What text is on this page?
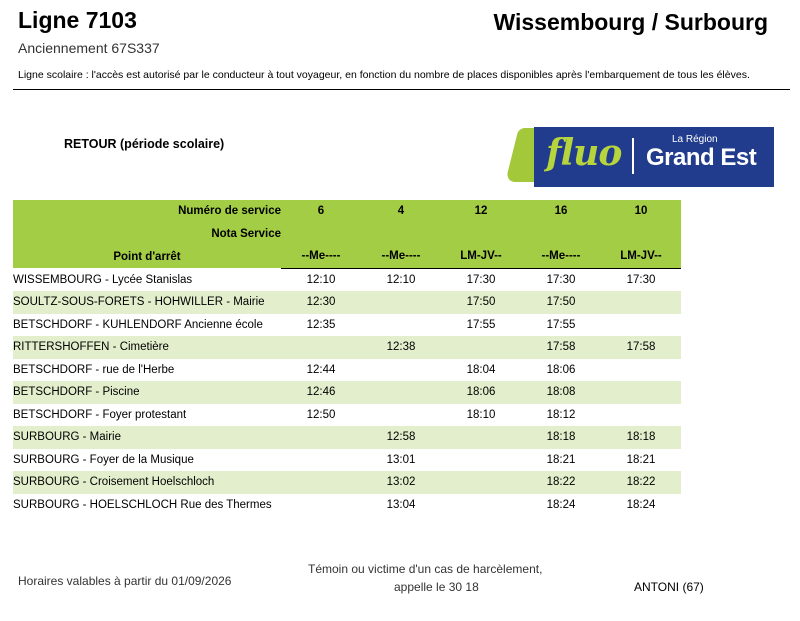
Ligne 7103
Anciennement 67S337
Wissembourg / Surbourg
Ligne scolaire : l'accès est autorisé par le conducteur à tout voyageur, en fonction du nombre de places disponibles après l'embarquement de tous les élèves.
RETOUR (période scolaire)	fluo	La Région
Grand Est
Numéro de service	6	4	12	16	10
Nota Service					
Point d'arrêt	--Me----	--Me----	LM-JV--	--Me----	LM-JV--
WISSEMBOURG - Lycée Stanislas	12:10	12:10	17:30	17:30	17:30
SOULTZ-SOUS-FORETS - HOHWILLER - Mairie	12:30		17:50	17:50	
BETSCHDORF - KUHLENDORF Ancienne école	12:35		17:55	17:55	
RITTERSHOFFEN - Cimetière		12:38		17:58	17:58
BETSCHDORF - rue de l'Herbe	12:44		18:04	18:06	
BETSCHDORF - Piscine	12:46		18:06	18:08	
BETSCHDORF - Foyer protestant	12:50		18:10	18:12	
SURBOURG - Mairie		12:58		18:18	18:18
SURBOURG - Foyer de la Musique		13:01		18:21	18:21
SURBOURG - Croisement Hoelschloch		13:02		18:22	18:22
SURBOURG - HOELSCHLOCH Rue des Thermes		13:04		18:24	18:24
Horaires valables à partir du 01/09/2026
Témoin ou victime d'un cas de harcèlement,
appelle le 30 18	ANTONI (67)
